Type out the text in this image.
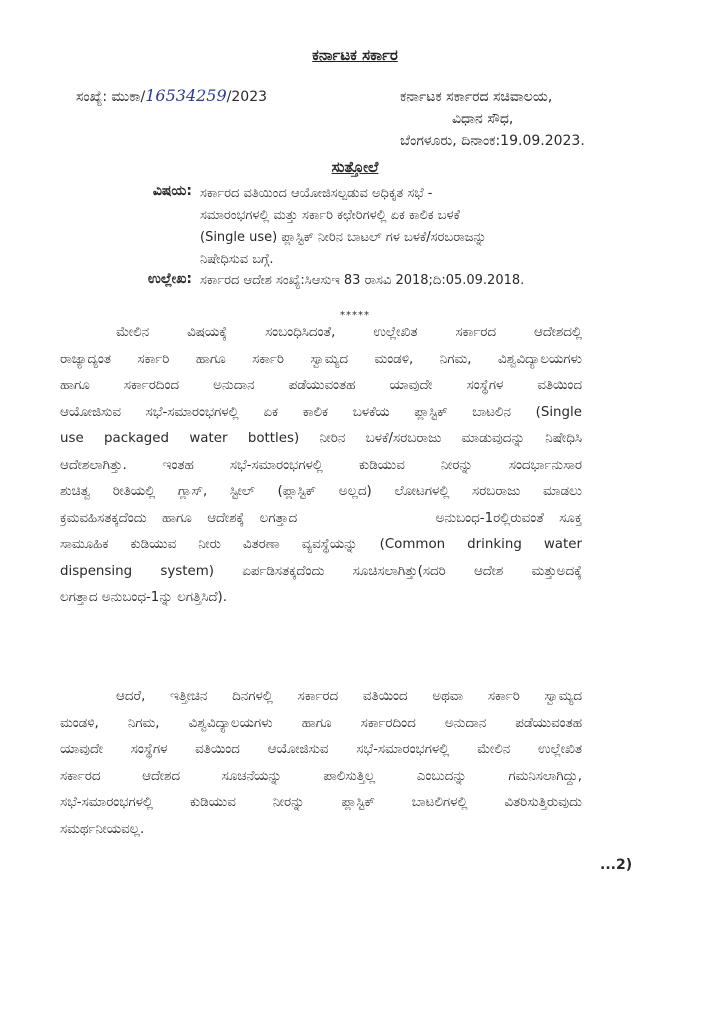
ಕರ್ನಾಟಕ ಸರ್ಕಾರ
ಸಂಖ್ಯೆ: ಮುಕಾ/16534259/2023	ಕರ್ನಾಟಕ ಸರ್ಕಾರದ ಸಚಿವಾಲಯ,
ವಿಧಾನ ಸೌಧ,
ಬೆಂಗಳೂರು, ದಿನಾಂಕ:19.09.2023.
ಸುತ್ತೋಲೆ
ವಿಷಯ: ಸರ್ಕಾರದ ವತಿಯಿಂದ ಆಯೋಜಿಸಲ್ಪಡುವ ಅಧಿಕೃತ ಸಭೆ -
ಸಮಾರಂಭಗಳಲ್ಲಿ ಮತ್ತು ಸರ್ಕಾರಿ ಕಛೇರಿಗಳಲ್ಲಿ ಏಕ ಕಾಲಿಕ ಬಳಕೆ
(Single use) ಪ್ಲಾಸ್ಟಿಕ್ ನೀರಿನ ಬಾಟಲ್ ಗಳ ಬಳಕೆ/ಸರಬರಾಜನ್ನು
ನಿಷೇಧಿಸುವ ಬಗ್ಗೆ.
ಉಲ್ಲೇಖ: ಸರ್ಕಾರದ ಆದೇಶ ಸಂಖ್ಯೆ:ಸಿಆಸುಇ 83 ರಾಸವಿ 2018;ದಿ:05.09.2018.
*****
ಮೇಲಿನ ವಿಷಯಕ್ಕೆ ಸಂಬಂಧಿಸಿದಂತೆ, ಉಲ್ಲೇಖಿತ ಸರ್ಕಾರದ ಆದೇಶದಲ್ಲಿ
ರಾಜ್ಯಾದ್ಯಂತ ಸರ್ಕಾರಿ ಹಾಗೂ ಸರ್ಕಾರಿ ಸ್ವಾಮ್ಯದ ಮಂಡಳಿ, ನಿಗಮ, ವಿಶ್ವವಿದ್ಯಾಲಯಗಳು
ಹಾಗೂ ಸರ್ಕಾರದಿಂದ ಅನುದಾನ ಪಡೆಯುವಂತಹ ಯಾವುದೇ ಸಂಸ್ಥೆಗಳ ವತಿಯಿಂದ
ಆಯೋಜಿಸುವ ಸಭೆ-ಸಮಾರಂಭಗಳಲ್ಲಿ ಏಕ ಕಾಲಿಕ ಬಳಕೆಯ ಪ್ಲಾಸ್ಟಿಕ್ ಬಾಟಲಿನ (Single
use packaged water bottles) ನೀರಿನ ಬಳಕೆ/ಸರಬರಾಜು ಮಾಡುವುದನ್ನು ನಿಷೇಧಿಸಿ
ಆದೇಶಲಾಗಿತ್ತು. ಇಂತಹ ಸಭೆ-ಸಮಾರಂಭಗಳಲ್ಲಿ ಕುಡಿಯುವ ನೀರನ್ನು ಸಂದರ್ಭಾನುಸಾರ
ಶುಚಿತ್ವ ರೀತಿಯಲ್ಲಿ ಗ್ಲಾಸ್, ಸ್ಟೀಲ್ (ಪ್ಲಾಸ್ಟಿಕ್ ಅಲ್ಲದ) ಲೋಟಗಳಲ್ಲಿ ಸರಬರಾಜು ಮಾಡಲು
ಕ್ರಮವಹಿಸತಕ್ಕದೆಂದು ಹಾಗೂ ಆದೇಶಕ್ಕೆ ಲಗತ್ತಾದ         ಅನುಬಂಧ-1ರಲ್ಲಿರುವಂತೆ ಸೂಕ್ತ
ಸಾಮೂಹಿಕ ಕುಡಿಯುವ ನೀರು ವಿತರಣಾ ವ್ಯವಸ್ಥೆಯನ್ನು (Common drinking water
dispensing system) ಏರ್ಪಡಿಸತಕ್ಕದೆಂದು ಸೂಚಿಸಲಾಗಿತ್ತು(ಸದರಿ ಆದೇಶ ಮತ್ತುಅದಕ್ಕೆ
ಲಗತ್ತಾದ ಅನುಬಂಧ-1ನ್ನು ಲಗತ್ತಿಸಿದೆ).
ಆದರೆ, ಇತ್ತೀಚಿನ ದಿನಗಳಲ್ಲಿ ಸರ್ಕಾರದ ವತಿಯಿಂದ ಅಥವಾ ಸರ್ಕಾರಿ ಸ್ವಾಮ್ಯದ
ಮಂಡಳಿ, ನಿಗಮ, ವಿಶ್ವವಿದ್ಯಾಲಯಗಳು ಹಾಗೂ ಸರ್ಕಾರದಿಂದ ಅನುದಾನ ಪಡೆಯುವಂತಹ
ಯಾವುದೇ ಸಂಸ್ಥೆಗಳ ವತಿಯಿಂದ ಆಯೋಜಿಸುವ ಸಭೆ-ಸಮಾರಂಭಗಳಲ್ಲಿ ಮೇಲಿನ ಉಲ್ಲೇಖಿತ
ಸರ್ಕಾರದ ಆದೇಶದ ಸೂಚನೆಯನ್ನು ಪಾಲಿಸುತ್ತಿಲ್ಲ ಎಂಬುದನ್ನು ಗಮನಿಸಲಾಗಿದ್ದು,
ಸಭೆ-ಸಮಾರಂಭಗಳಲ್ಲಿ ಕುಡಿಯುವ ನೀರನ್ನು ಪ್ಲಾಸ್ಟಿಕ್ ಬಾಟಲಿಗಳಲ್ಲಿ ವಿತರಿಸುತ್ತಿರುವುದು
ಸಮರ್ಥನೀಯವಲ್ಲ.
...2)
